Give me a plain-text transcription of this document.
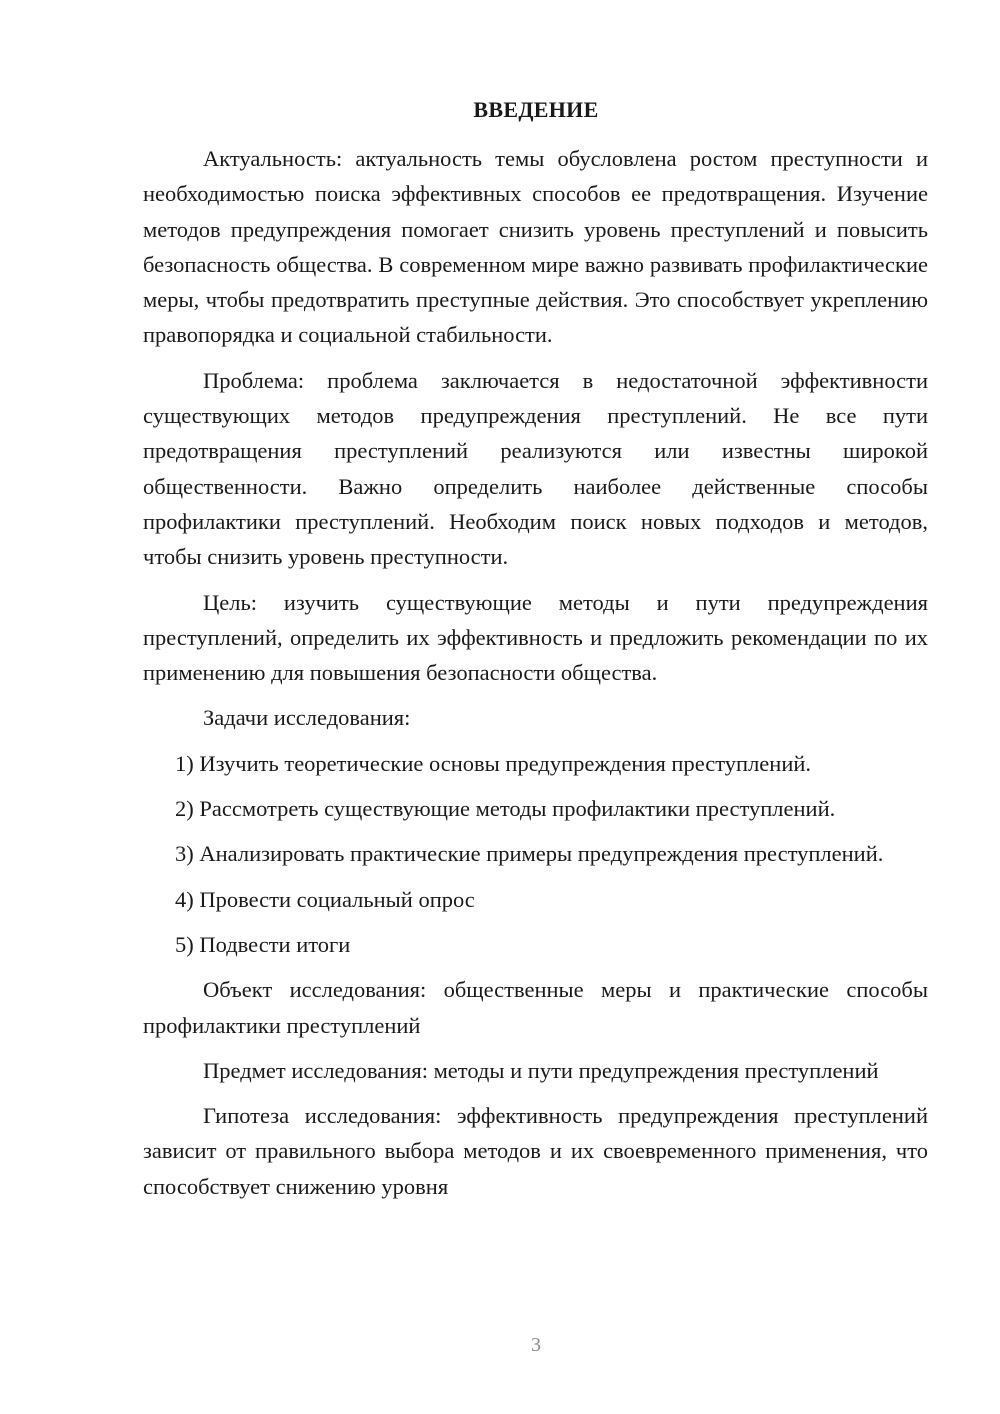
ВВЕДЕНИЕ

Актуальность: актуальность темы обусловлена ростом преступности и необходимостью поиска эффективных способов ее предотвращения. Изучение методов предупреждения помогает снизить уровень преступлений и повысить безопасность общества. В современном мире важно развивать профилактические меры, чтобы предотвратить преступные действия. Это способствует укреплению правопорядка и социальной стабильности.

Проблема: проблема заключается в недостаточной эффективности существующих методов предупреждения преступлений. Не все пути предотвращения преступлений реализуются или известны широкой общественности. Важно определить наиболее действенные способы профилактики преступлений. Необходим поиск новых подходов и методов, чтобы снизить уровень преступности.

Цель: изучить существующие методы и пути предупреждения преступлений, определить их эффективность и предложить рекомендации по их применению для повышения безопасности общества.

Задачи исследования:

1) Изучить теоретические основы предупреждения преступлений.

2) Рассмотреть существующие методы профилактики преступлений.

3) Анализировать практические примеры предупреждения преступлений.

4) Провести социальный опрос

5) Подвести итоги

Объект исследования: общественные меры и практические способы профилактики преступлений

Предмет исследования: методы и пути предупреждения преступлений

Гипотеза исследования: эффективность предупреждения преступлений зависит от правильного выбора методов и их своевременного применения, что способствует снижению уровня

3
